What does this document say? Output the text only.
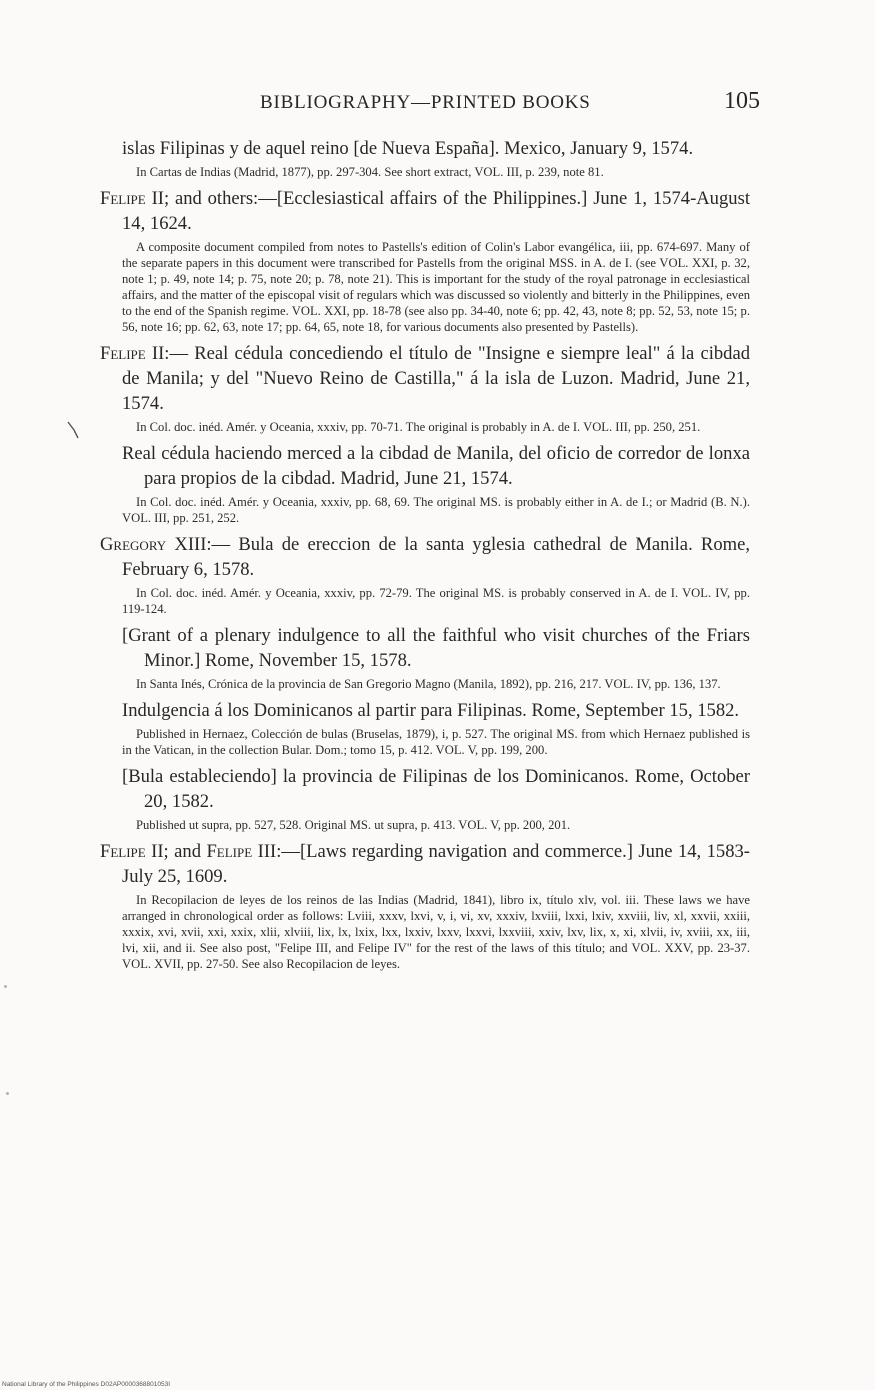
BIBLIOGRAPHY—PRINTED BOOKS	105

islas Filipinas y de aquel reino [de Nueva España]. Mexico, January 9, 1574.

In Cartas de Indias (Madrid, 1877), pp. 297-304. See short extract, VOL. III, p. 239, note 81.

Felipe II; and others:—[Ecclesiastical affairs of the Philippines.] June 1, 1574-August 14, 1624.

A composite document compiled from notes to Pastells's edition of Colin's Labor evangélica, iii, pp. 674-697. Many of the separate papers in this document were transcribed for Pastells from the original MSS. in A. de I. (see VOL. XXI, p. 32, note 1; p. 49, note 14; p. 75, note 20; p. 78, note 21). This is important for the study of the royal patronage in ecclesiastical affairs, and the matter of the episcopal visit of regulars which was discussed so violently and bitterly in the Philippines, even to the end of the Spanish regime. VOL. XXI, pp. 18-78 (see also pp. 34-40, note 6; pp. 42, 43, note 8; pp. 52, 53, note 15; p. 56, note 16; pp. 62, 63, note 17; pp. 64, 65, note 18, for various documents also presented by Pastells).

Felipe II:— Real cédula concediendo el título de "Insigne e siempre leal" á la cibdad de Manila; y del "Nuevo Reino de Castilla," á la isla de Luzon. Madrid, June 21, 1574.

In Col. doc. inéd. Amér. y Oceania, xxxiv, pp. 70-71. The original is probably in A. de I. VOL. III, pp. 250, 251.

Real cédula haciendo merced a la cibdad de Manila, del oficio de corredor de lonxa para propios de la cibdad. Madrid, June 21, 1574.

In Col. doc. inéd. Amér. y Oceania, xxxiv, pp. 68, 69. The original MS. is probably either in A. de I.; or Madrid (B. N.). VOL. III, pp. 251, 252.

Gregory XIII:— Bula de ereccion de la santa yglesia cathedral de Manila. Rome, February 6, 1578.

In Col. doc. inéd. Amér. y Oceania, xxxiv, pp. 72-79. The original MS. is probably conserved in A. de I. VOL. IV, pp. 119-124.

[Grant of a plenary indulgence to all the faithful who visit churches of the Friars Minor.] Rome, November 15, 1578.

In Santa Inés, Crónica de la provincia de San Gregorio Magno (Manila, 1892), pp. 216, 217. VOL. IV, pp. 136, 137.

Indulgencia á los Dominicanos al partir para Filipinas. Rome, September 15, 1582.

Published in Hernaez, Colección de bulas (Bruselas, 1879), i, p. 527. The original MS. from which Hernaez published is in the Vatican, in the collection Bular. Dom.; tomo 15, p. 412. VOL. V, pp. 199, 200.

[Bula estableciendo] la provincia de Filipinas de los Dominicanos. Rome, October 20, 1582.

Published ut supra, pp. 527, 528. Original MS. ut supra, p. 413. VOL. V, pp. 200, 201.

Felipe II; and Felipe III:—[Laws regarding navigation and commerce.] June 14, 1583-July 25, 1609.

In Recopilacion de leyes de los reinos de las Indias (Madrid, 1841), libro ix, título xlv, vol. iii. These laws we have arranged in chronological order as follows: Lviii, xxxv, lxvi, v, i, vi, xv, xxxiv, lxviii, lxxi, lxiv, xxviii, liv, xl, xxvii, xxiii, xxxix, xvi, xvii, xxi, xxix, xlii, xlviii, lix, lx, lxix, lxx, lxxiv, lxxv, lxxvi, lxxviii, xxiv, lxv, lix, x, xi, xlvii, iv, xviii, xx, iii, lvi, xii, and ii. See also post, "Felipe III, and Felipe IV" for the rest of the laws of this título; and VOL. XXV, pp. 23-37. VOL. XVII, pp. 27-50. See also Recopilacion de leyes.

National Library of the Philippines D02AP0000368801053I
